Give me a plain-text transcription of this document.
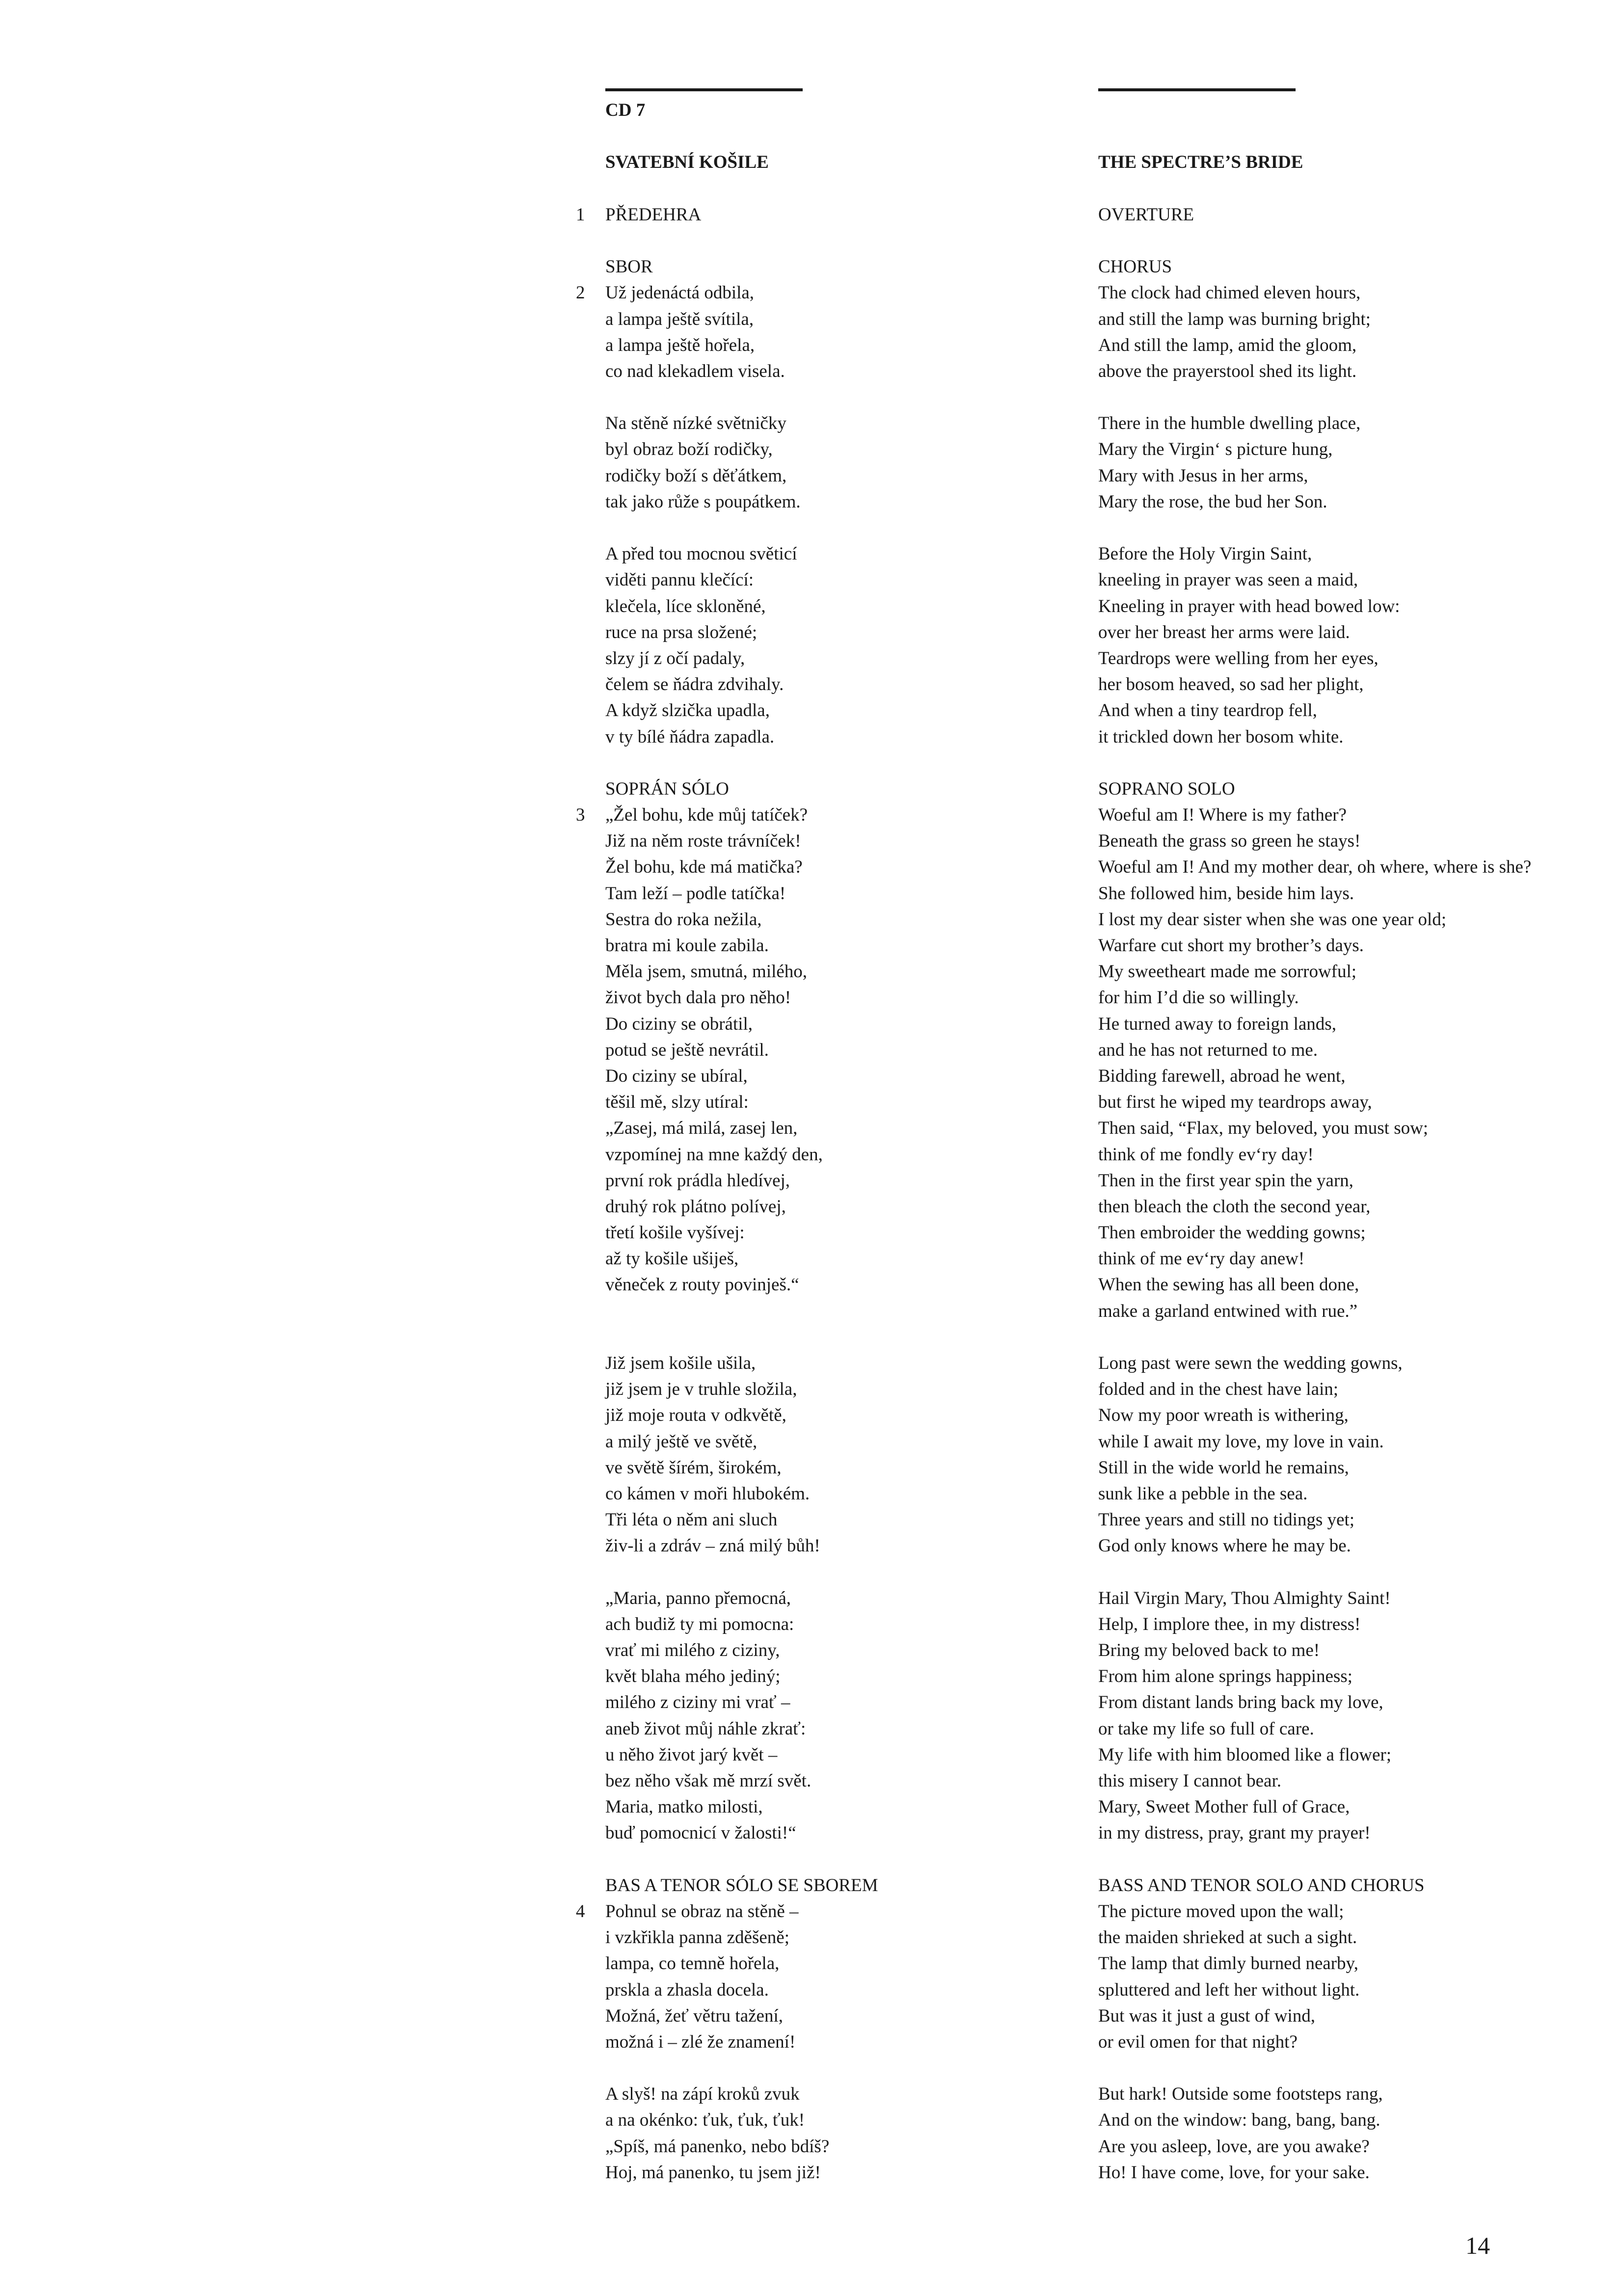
CD 7
SVATEBNÍ KOŠILE
1 PŘEDEHRA
SBOR
2 Už jedenáctá odbila,
a lampa ještě svítila,
a lampa ještě hořela,
co nad klekadlem visela.
Na stěně nízké světničky
byl obraz boží rodičky,
rodičky boží s děťátkem,
tak jako růže s poupátkem.
A před tou mocnou světicí
viděti pannu klečící:
klečela, líce skloněné,
ruce na prsa složené;
slzy jí z očí padaly,
čelem se ňádra zdvihaly.
A když slzička upadla,
v ty bílé ňádra zapadla.
SOPRÁN SÓLO
3 „Žel bohu, kde můj tatíček?
Již na něm roste trávníček!
Žel bohu, kde má matička?
Tam leží – podle tatíčka!
Sestra do roka nežila,
bratra mi koule zabila.
Měla jsem, smutná, milého,
život bych dala pro něho!
Do ciziny se obrátil,
potud se ještě nevrátil.
Do ciziny se ubíral,
těšil mě, slzy utíral:
„Zasej, má milá, zasej len,
vzpomínej na mne každý den,
první rok prádla hledívej,
druhý rok plátno polívej,
třetí košile vyšívej:
až ty košile ušiješ,
věneček z routy povinješ.“
Již jsem košile ušila,
již jsem je v truhle složila,
již moje routa v odkvětě,
a milý ještě ve světě,
ve světě šírém, širokém,
co kámen v moři hlubokém.
Tři léta o něm ani sluch
živ-li a zdráv – zná milý bůh!
„Maria, panno přemocná,
ach budiž ty mi pomocna:
vrať mi milého z ciziny,
květ blaha mého jediný;
milého z ciziny mi vrať –
aneb život můj náhle zkrať:
u něho život jarý květ –
bez něho však mě mrzí svět.
Maria, matko milosti,
buď pomocnicí v žalosti!“
BAS A TENOR SÓLO SE SBOREM
4 Pohnul se obraz na stěně –
i vzkřikla panna zděšeně;
lampa, co temně hořela,
prskla a zhasla docela.
Možná, žeť větru tažení,
možná i – zlé že znamení!
A slyš! na zápí kroků zvuk
a na okénko: ťuk, ťuk, ťuk!
„Spíš, má panenko, nebo bdíš?
Hoj, má panenko, tu jsem již!
THE SPECTRE’S BRIDE
OVERTURE
CHORUS
The clock had chimed eleven hours,
and still the lamp was burning bright;
And still the lamp, amid the gloom,
above the prayerstool shed its light.
There in the humble dwelling place,
Mary the Virgin‘ s picture hung,
Mary with Jesus in her arms,
Mary the rose, the bud her Son.
Before the Holy Virgin Saint,
kneeling in prayer was seen a maid,
Kneeling in prayer with head bowed low:
over her breast her arms were laid.
Teardrops were welling from her eyes,
her bosom heaved, so sad her plight,
And when a tiny teardrop fell,
it trickled down her bosom white.
SOPRANO SOLO
Woeful am I! Where is my father?
Beneath the grass so green he stays!
Woeful am I! And my mother dear, oh where, where is she?
She followed him, beside him lays.
I lost my dear sister when she was one year old;
Warfare cut short my brother’s days.
My sweetheart made me sorrowful;
for him I’d die so willingly.
He turned away to foreign lands,
and he has not returned to me.
Bidding farewell, abroad he went,
but first he wiped my teardrops away,
Then said, “Flax, my beloved, you must sow;
think of me fondly ev‘ry day!
Then in the first year spin the yarn,
then bleach the cloth the second year,
Then embroider the wedding gowns;
think of me ev‘ry day anew!
When the sewing has all been done,
make a garland entwined with rue.”
Long past were sewn the wedding gowns,
folded and in the chest have lain;
Now my poor wreath is withering,
while I await my love, my love in vain.
Still in the wide world he remains,
sunk like a pebble in the sea.
Three years and still no tidings yet;
God only knows where he may be.
Hail Virgin Mary, Thou Almighty Saint!
Help, I implore thee, in my distress!
Bring my beloved back to me!
From him alone springs happiness;
From distant lands bring back my love,
or take my life so full of care.
My life with him bloomed like a flower;
this misery I cannot bear.
Mary, Sweet Mother full of Grace,
in my distress, pray, grant my prayer!
BASS AND TENOR SOLO AND CHORUS
The picture moved upon the wall;
the maiden shrieked at such a sight.
The lamp that dimly burned nearby,
spluttered and left her without light.
But was it just a gust of wind,
or evil omen for that night?
But hark! Outside some footsteps rang,
And on the window: bang, bang, bang.
Are you asleep, love, are you awake?
Ho! I have come, love, for your sake.
14
